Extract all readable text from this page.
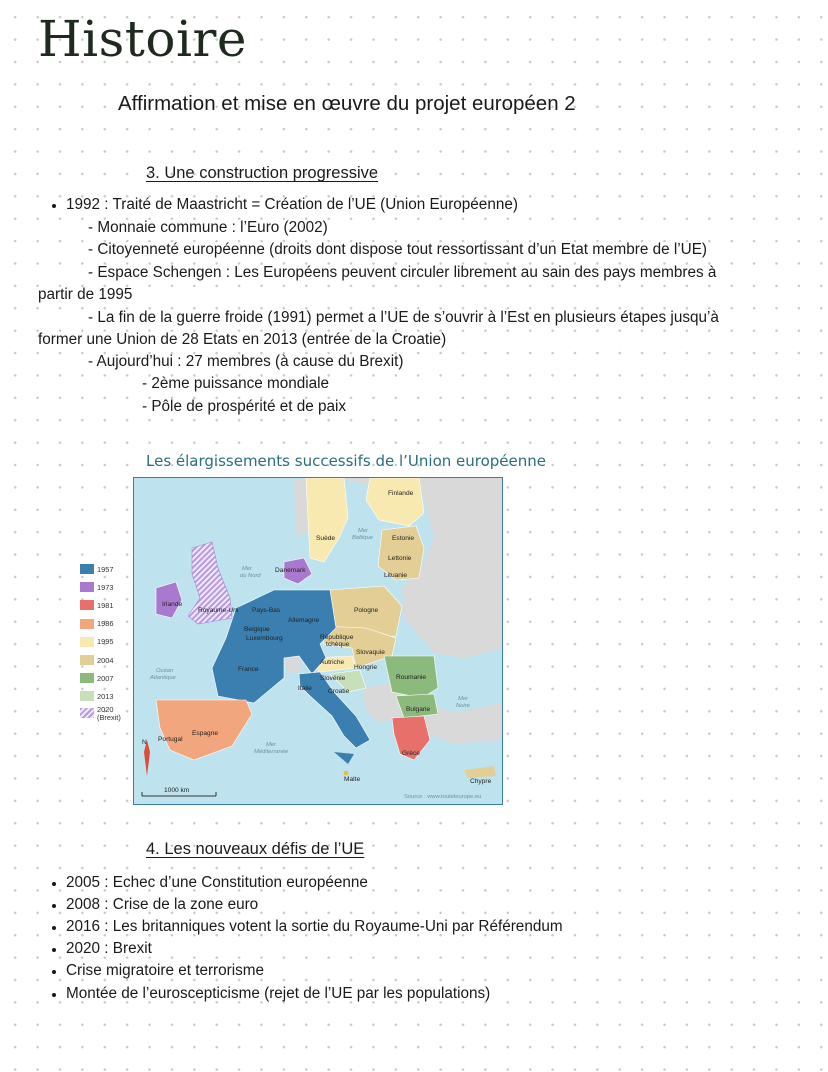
Histoire
Affirmation et mise en œuvre du projet européen 2
3. Une construction progressive
1992 : Traité de Maastricht = Création de l’UE (Union Européenne)
- Monnaie commune : l’Euro (2002)
- Citoyenneté européenne (droits dont dispose tout ressortissant d’un Etat membre de l’UE)
- Espace Schengen : Les Européens peuvent circuler librement au sain des pays membres à
partir de 1995
- La fin de la guerre froide (1991) permet a l’UE de s’ouvrir à l’Est en plusieurs étapes jusqu’à
former une Union de 28 Etats en 2013 (entrée de la Croatie)
- Aujourd’hui : 27 membres (à cause du Brexit)
- 2ème puissance mondiale
- Pôle de prospérité et de paix
Les élargissements successifs de l’Union européenne
1957
1973
1981
1986
1995
2004
2007
2013
2020
(Brexit)
Finlande
Suède	Estonie
Lettonie
Lituanie
Danemark
Irlande
Royaume-Uni Pays-Bas
Belgique
Luxembourg
Allemagne
Pologne
République
tchèque
Slovaquie
Autriche
Hongrie
France
Slovénie
Croatie
Roumanie
Italie
Bulgarie
Portugal
Espagne
Grèce
Malte	Chypre
Mer
du Nord
Mer
Baltique
Océan
Atlantique
Mer
Noire
Mer
Méditerranée
N
1000 km
Source : www.touteleurope.eu
4. Les nouveaux défis de l’UE
2005 : Echec d’une Constitution européenne
2008 : Crise de la zone euro
2016 : Les britanniques votent la sortie du Royaume-Uni par Référendum
2020 : Brexit
Crise migratoire et terrorisme
Montée de l’euroscepticisme (rejet de l’UE par les populations)
